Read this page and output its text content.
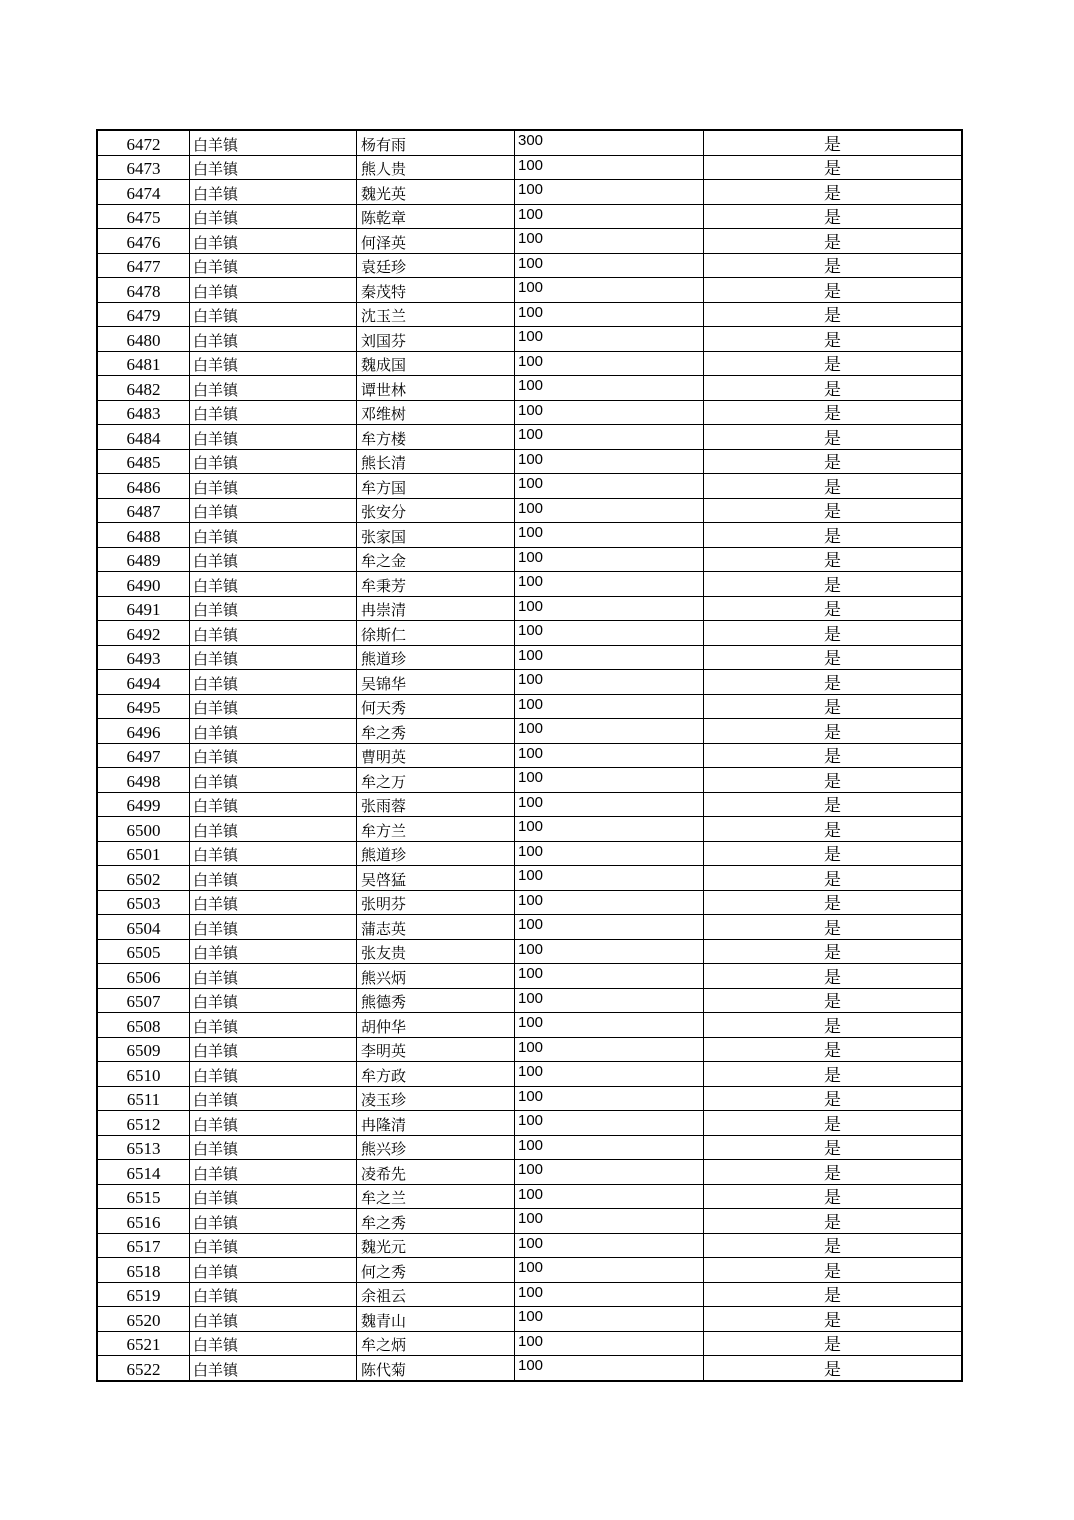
6472	白羊镇	杨有雨	300	是
6473	白羊镇	熊人贵	100	是
6474	白羊镇	魏光英	100	是
6475	白羊镇	陈乾章	100	是
6476	白羊镇	何泽英	100	是
6477	白羊镇	袁廷珍	100	是
6478	白羊镇	秦茂特	100	是
6479	白羊镇	沈玉兰	100	是
6480	白羊镇	刘国芬	100	是
6481	白羊镇	魏成国	100	是
6482	白羊镇	谭世林	100	是
6483	白羊镇	邓维树	100	是
6484	白羊镇	牟方楼	100	是
6485	白羊镇	熊长清	100	是
6486	白羊镇	牟方国	100	是
6487	白羊镇	张安分	100	是
6488	白羊镇	张家国	100	是
6489	白羊镇	牟之金	100	是
6490	白羊镇	牟秉芳	100	是
6491	白羊镇	冉崇清	100	是
6492	白羊镇	徐斯仁	100	是
6493	白羊镇	熊道珍	100	是
6494	白羊镇	吴锦华	100	是
6495	白羊镇	何天秀	100	是
6496	白羊镇	牟之秀	100	是
6497	白羊镇	曹明英	100	是
6498	白羊镇	牟之万	100	是
6499	白羊镇	张雨蓉	100	是
6500	白羊镇	牟方兰	100	是
6501	白羊镇	熊道珍	100	是
6502	白羊镇	吴啓猛	100	是
6503	白羊镇	张明芬	100	是
6504	白羊镇	蒲志英	100	是
6505	白羊镇	张友贵	100	是
6506	白羊镇	熊兴炳	100	是
6507	白羊镇	熊德秀	100	是
6508	白羊镇	胡仲华	100	是
6509	白羊镇	李明英	100	是
6510	白羊镇	牟方政	100	是
6511	白羊镇	凌玉珍	100	是
6512	白羊镇	冉隆清	100	是
6513	白羊镇	熊兴珍	100	是
6514	白羊镇	凌希先	100	是
6515	白羊镇	牟之兰	100	是
6516	白羊镇	牟之秀	100	是
6517	白羊镇	魏光元	100	是
6518	白羊镇	何之秀	100	是
6519	白羊镇	余祖云	100	是
6520	白羊镇	魏青山	100	是
6521	白羊镇	牟之炳	100	是
6522	白羊镇	陈代菊	100	是
